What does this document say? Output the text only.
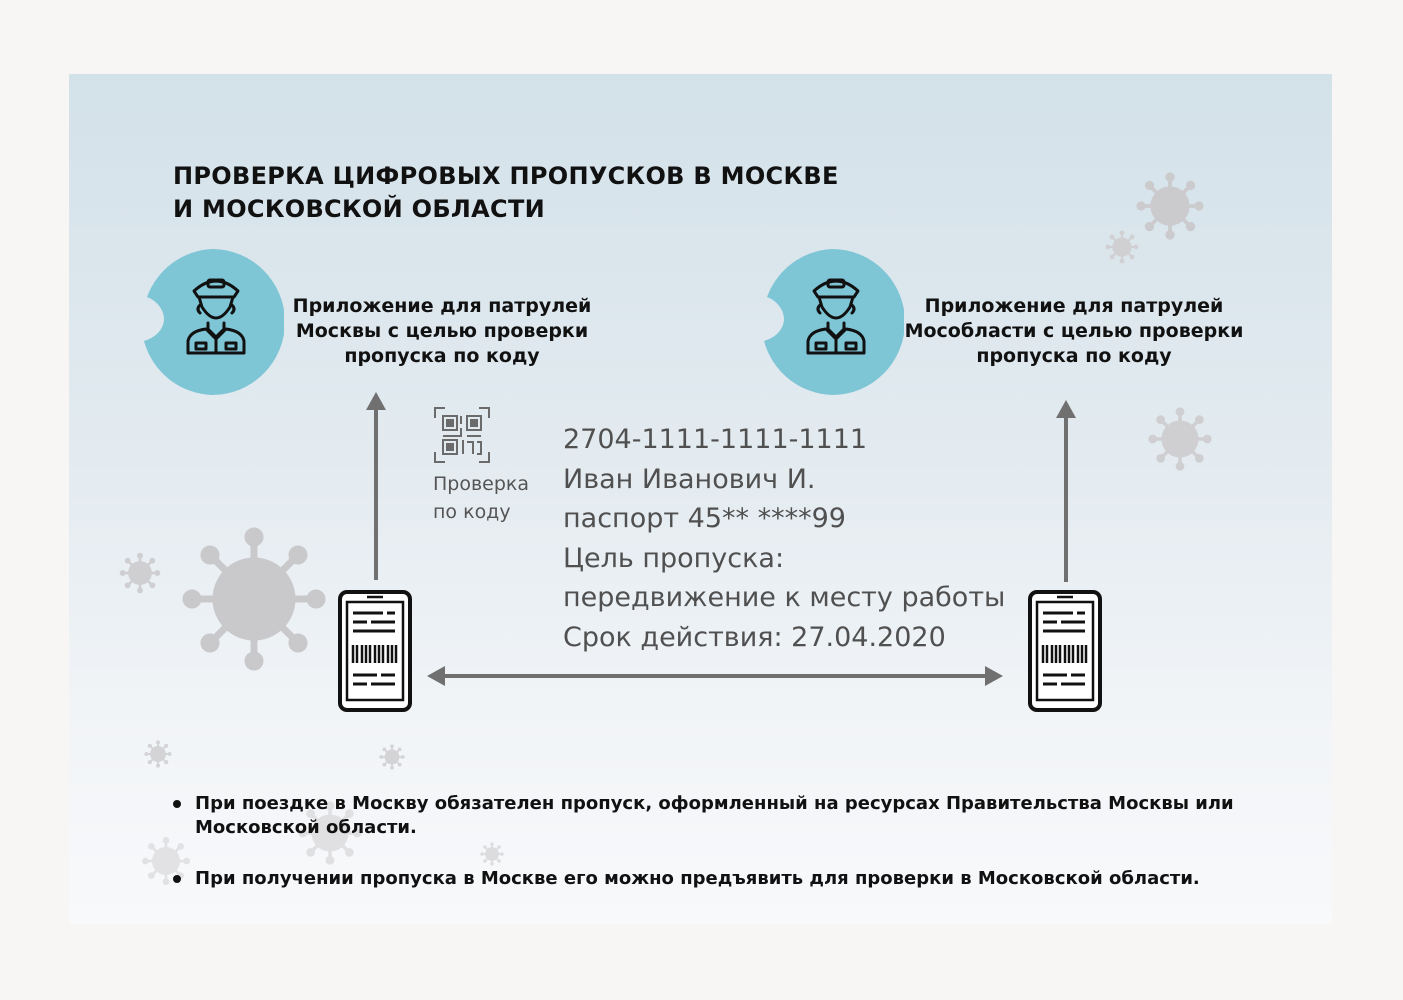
ПРОВЕРКА ЦИФРОВЫХ ПРОПУСКОВ В МОСКВЕ
И МОСКОВСКОЙ ОБЛАСТИ
Приложение для патрулей
Москвы с целью проверки
пропуска по коду
Приложение для патрулей
Мособласти с целью проверки
пропуска по коду
Проверка
по коду
2704-1111-1111-1111
Иван Иванович И.
паспорт 45** ****99
Цель пропуска:
передвижение к месту работы
Срок действия: 27.04.2020
При поездке в Москву обязателен пропуск, оформленный на ресурсах Правительства Москвы или Московской области.
При получении пропуска в Москве его можно предъявить для проверки в Московской области.
